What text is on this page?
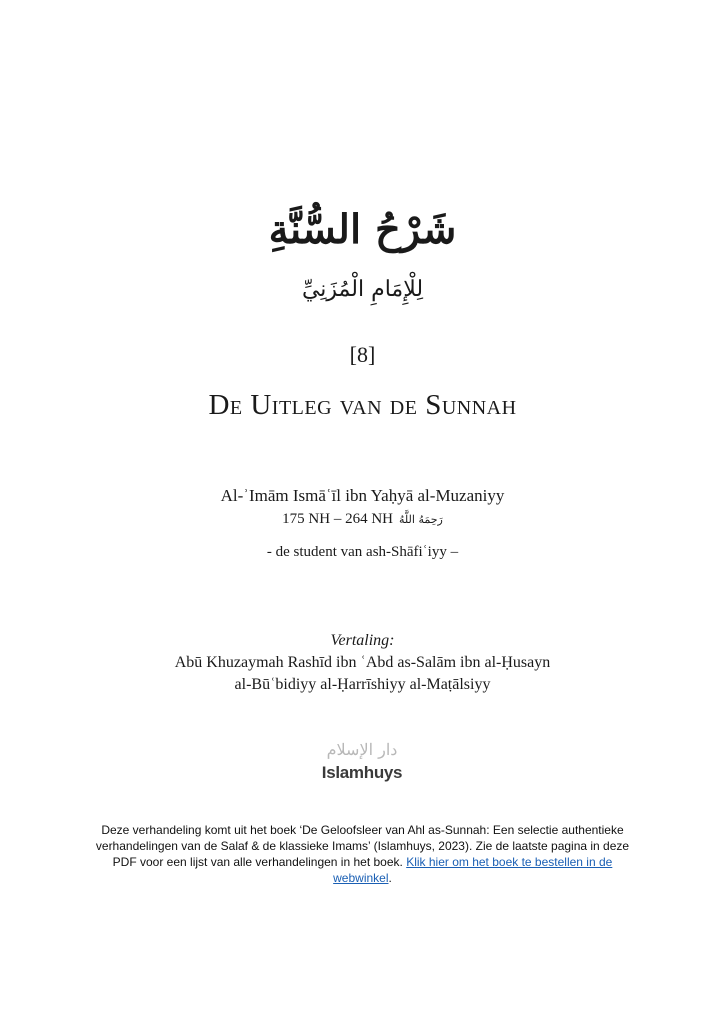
شَرْحُ السُّنَّةِ
لِلْإِمَامِ الْمُزَنِيِّ
[8]
De Uitleg van de Sunnah
Al-ʾImām Ismāʿīl ibn Yaḥyā al-Muzaniyy
175 NH – 264 NH رَحِمَهُ اللَّهُ
- de student van ash-Shāfiʿiyy –
Vertaling:
Abū Khuzaymah Rashīd ibn ʿAbd as-Salām ibn al-Ḥusayn
al-Būʿbidiyy al-Ḥarrīshiyy al-Maṭālsiyy
دار الإسلام
Islamhuys
Deze verhandeling komt uit het boek ‘De Geloofsleer van Ahl as-Sunnah: Een selectie authentieke verhandelingen van de Salaf & de klassieke Imams’ (Islamhuys, 2023). Zie de laatste pagina in deze PDF voor een lijst van alle verhandelingen in het boek. Klik hier om het boek te bestellen in de webwinkel.
